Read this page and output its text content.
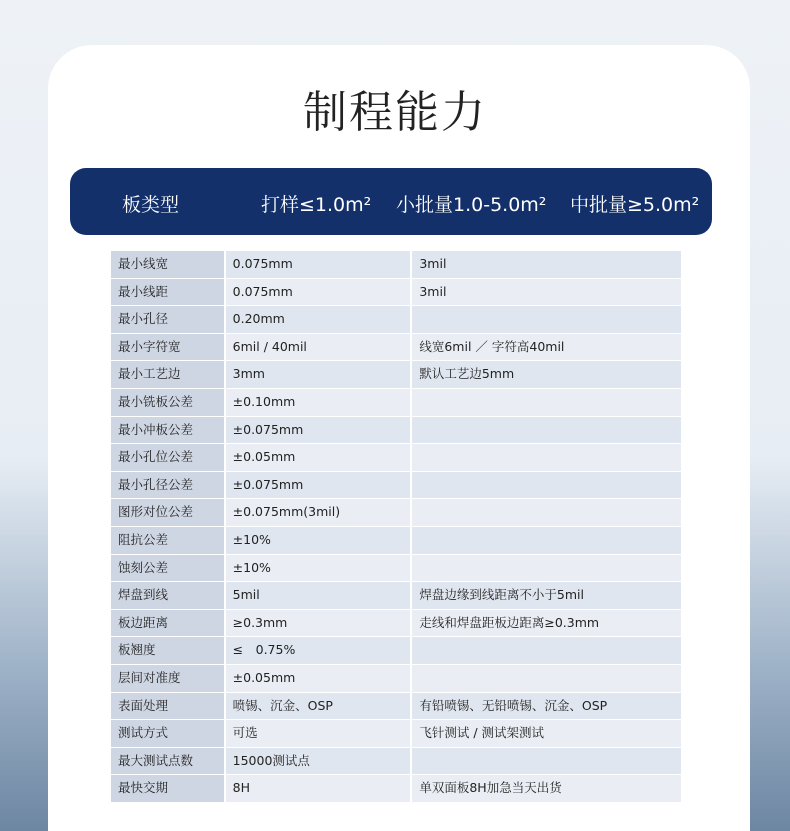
制程能力
板类型	打样≤1.0m² 小批量1.0-5.0m² 中批量≥5.0m²
最小线宽	0.075mm	3mil
最小线距	0.075mm	3mil
最小孔径	0.20mm
最小字符宽	6mil / 40mil	线宽6mil ／ 字符高40mil
最小工艺边	3mm	默认工艺边5mm
最小铣板公差	±0.10mm
最小冲板公差	±0.075mm
最小孔位公差	±0.05mm
最小孔径公差	±0.075mm
图形对位公差	±0.075mm(3mil)
阻抗公差	±10%
蚀刻公差	±10%
焊盘到线	5mil	焊盘边缘到线距离不小于5mil
板边距离	≥0.3mm	走线和焊盘距板边距离≥0.3mm
板翘度	≤　0.75%
层间对准度	±0.05mm
表面处理	喷锡、沉金、OSP	有铅喷锡、无铅喷锡、沉金、OSP
测试方式	可选	飞针测试 / 测试架测试
最大测试点数	15000测试点
最快交期	8H	单双面板8H加急当天出货
